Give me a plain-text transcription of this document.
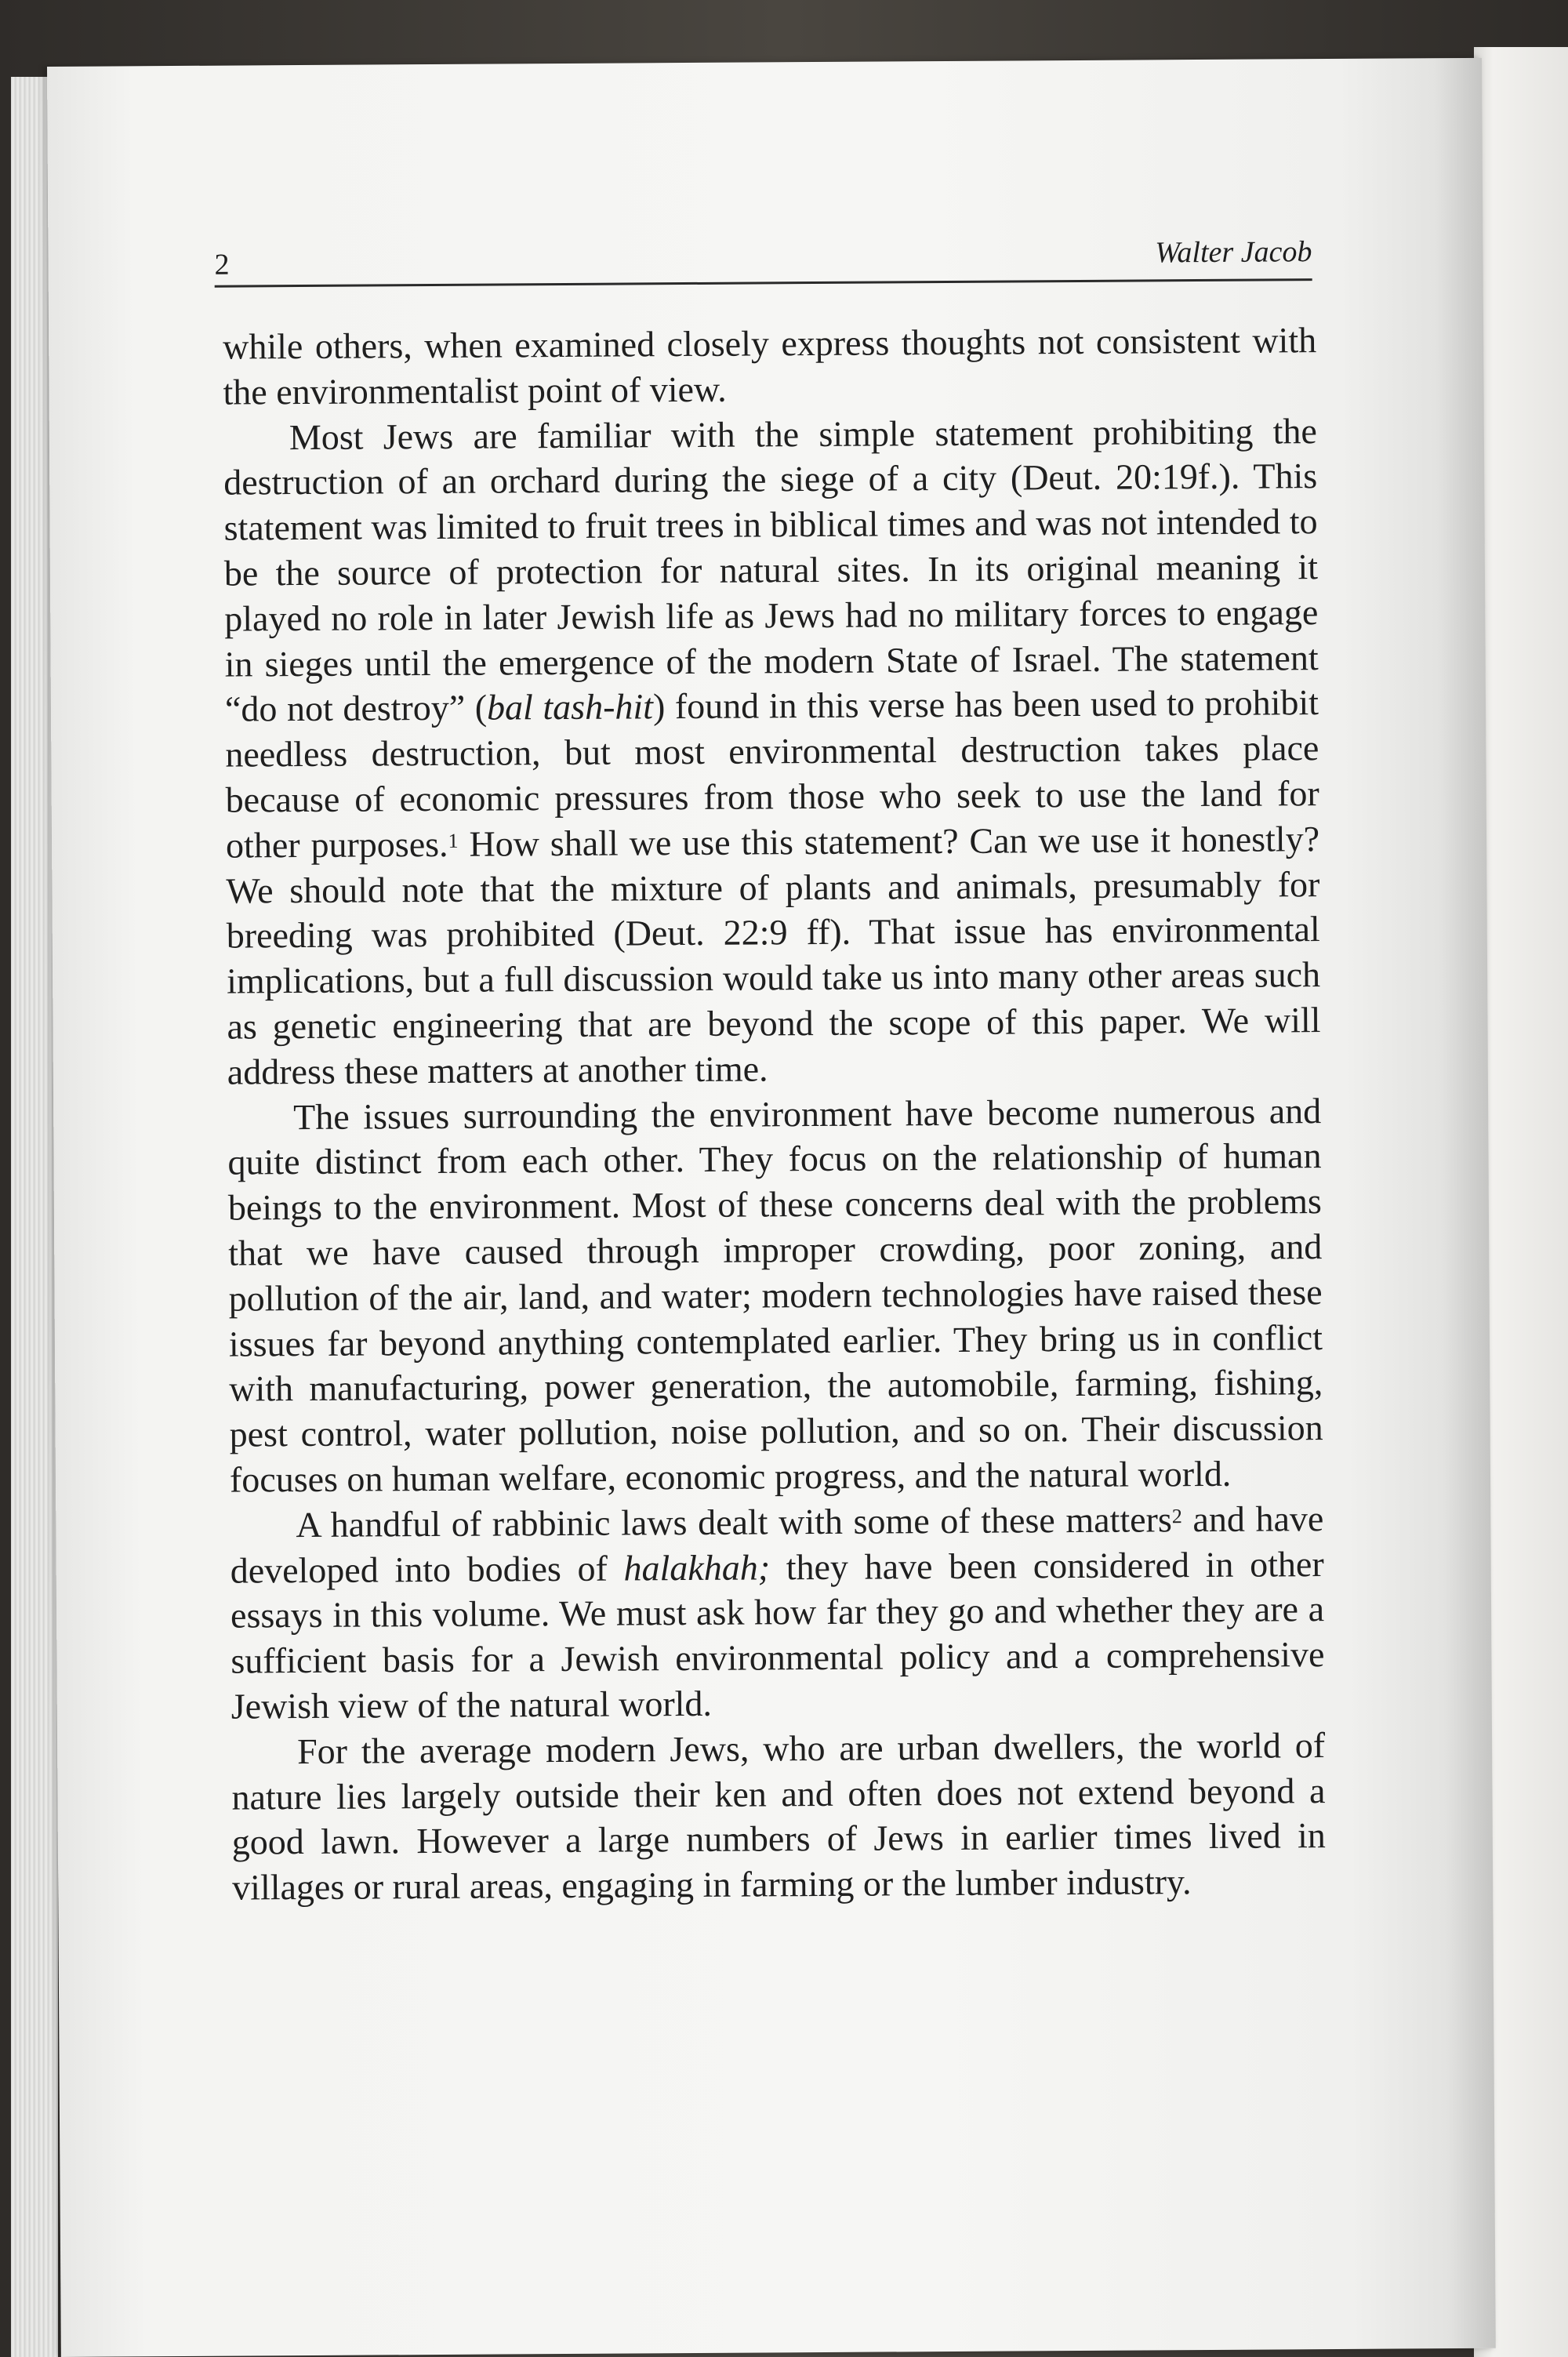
2	Walter Jacob

while others, when examined closely express thoughts not consistent with the environmentalist point of view.

Most Jews are familiar with the simple statement prohibiting the destruction of an orchard during the siege of a city (Deut. 20:19f.). This statement was limited to fruit trees in biblical times and was not intended to be the source of protection for natural sites. In its original meaning it played no role in later Jewish life as Jews had no military forces to engage in sieges until the emergence of the modern State of Israel. The statement “do not destroy” (bal tash-hit) found in this verse has been used to prohibit needless destruction, but most environmental destruction takes place because of economic pressures from those who seek to use the land for other purposes.$^1$ How shall we use this statement? Can we use it honestly? We should note that the mixture of plants and animals, presumably for breeding was prohibited (Deut. 22:9 ff). That issue has environmental implications, but a full discussion would take us into many other areas such as genetic engineering that are beyond the scope of this paper. We will address these matters at another time.

The issues surrounding the environment have become numerous and quite distinct from each other. They focus on the relationship of human beings to the environment. Most of these concerns deal with the problems that we have caused through improper crowding, poor zoning, and pollution of the air, land, and water; modern technologies have raised these issues far beyond anything contemplated earlier. They bring us in conflict with manufacturing, power generation, the automobile, farming, fishing, pest control, water pollution, noise pollution, and so on. Their discussion focuses on human welfare, economic progress, and the natural world.

A handful of rabbinic laws dealt with some of these matters$^2$ and have developed into bodies of halakhah; they have been considered in other essays in this volume. We must ask how far they go and whether they are a sufficient basis for a Jewish environmental policy and a comprehensive Jewish view of the natural world.

For the average modern Jews, who are urban dwellers, the world of nature lies largely outside their ken and often does not extend beyond a good lawn. However a large numbers of Jews in earlier times lived in villages or rural areas, engaging in farming or the lumber industry.
